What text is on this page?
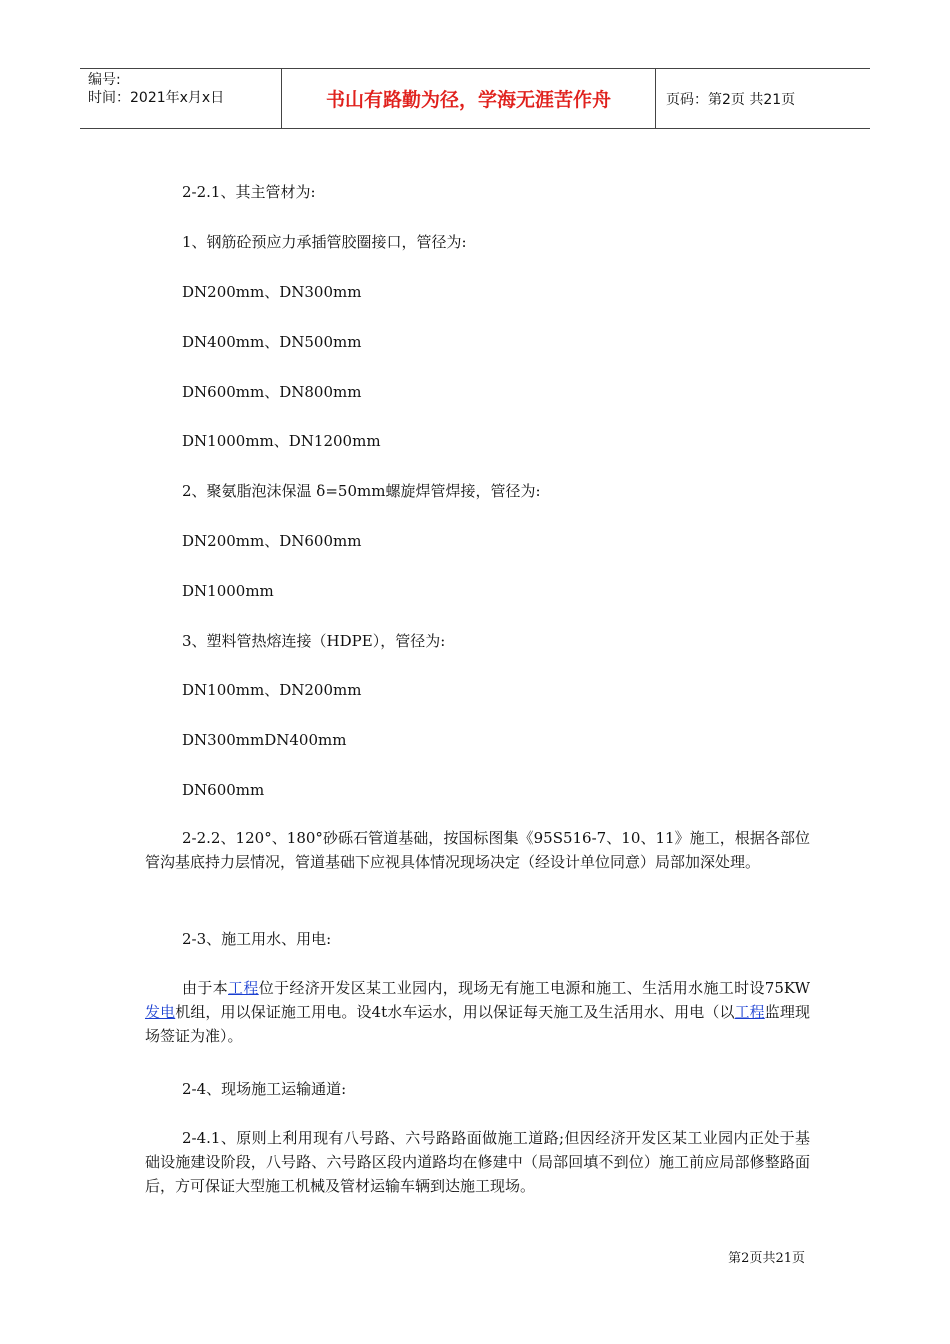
编号:
时间：2021年x月x日	书山有路勤为径，学海无涯苦作舟	页码：第2页 共21页
2-2.1、其主管材为:
1、钢筋砼预应力承插管胶圈接口，管径为:
DN200mm、DN300mm
DN400mm、DN500mm
DN600mm、DN800mm
DN1000mm、DN1200mm
2、聚氨脂泡沫保温 δ=50mm螺旋焊管焊接，管径为:
DN200mm、DN600mm
DN1000mm
3、塑料管热熔连接（HDPE），管径为:
DN100mm、DN200mm
DN300mmDN400mm
DN600mm
2-2.2、120°、180°砂砾石管道基础，按国标图集《95S516-7、10、11》施工，根据各部位管沟基底持力层情况，管道基础下应视具体情况现场决定（经设计单位同意）局部加深处理。
2-3、施工用水、用电:
由于本工程位于经济开发区某工业园内，现场无有施工电源和施工、生活用水施工时设75KW发电机组，用以保证施工用电。设4t水车运水，用以保证每天施工及生活用水、用电（以工程监理现场签证为准）。
2-4、现场施工运输通道:
2-4.1、原则上利用现有八号路、六号路路面做施工道路;但因经济开发区某工业园内正处于基础设施建设阶段，八号路、六号路区段内道路均在修建中（局部回填不到位）施工前应局部修整路面后，方可保证大型施工机械及管材运输车辆到达施工现场。
第2页共21页
